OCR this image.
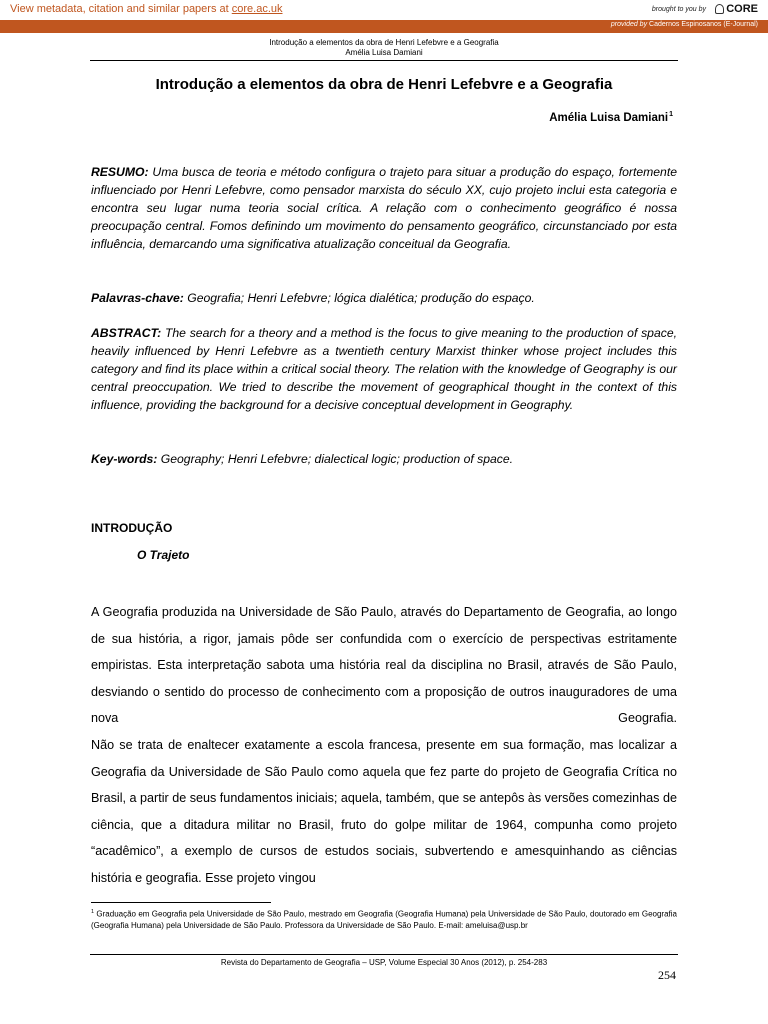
View metadata, citation and similar papers at core.ac.uk	brought to you by CORE
provided by Cadernos Espinosanos (E-Journal)
Introdução a elementos da obra de Henri Lefebvre e a Geografia
Amélia Luisa Damiani
Introdução a elementos da obra de Henri Lefebvre e a Geografia
Amélia Luisa Damiani$^1$
RESUMO: Uma busca de teoria e método configura o trajeto para situar a produção do espaço, fortemente influenciado por Henri Lefebvre, como pensador marxista do século XX, cujo projeto inclui esta categoria e encontra seu lugar numa teoria social crítica. A relação com o conhecimento geográfico é nossa preocupação central. Fomos definindo um movimento do pensamento geográfico, circunstanciado por esta influência, demarcando uma significativa atualização conceitual da Geografia.
Palavras-chave: Geografia; Henri Lefebvre; lógica dialética; produção do espaço.
ABSTRACT: The search for a theory and a method is the focus to give meaning to the production of space, heavily influenced by Henri Lefebvre as a twentieth century Marxist thinker whose project includes this category and find its place within a critical social theory. The relation with the knowledge of Geography is our central preoccupation. We tried to describe the movement of geographical thought in the context of this influence, providing the background for a decisive conceptual development in Geography.
Key-words: Geography; Henri Lefebvre; dialectical logic; production of space.
INTRODUÇÃO
O Trajeto

A Geografia produzida na Universidade de São Paulo, através do Departamento de Geografia, ao longo de sua história, a rigor, jamais pôde ser confundida com o exercício de perspectivas estritamente empiristas. Esta interpretação sabota uma história real da disciplina no Brasil, através de São Paulo, desviando o sentido do processo de conhecimento com a proposição de outros inauguradores de uma nova Geografia.

Não se trata de enaltecer exatamente a escola francesa, presente em sua formação, mas localizar a Geografia da Universidade de São Paulo como aquela que fez parte do projeto de Geografia Crítica no Brasil, a partir de seus fundamentos iniciais; aquela, também, que se antepôs às versões comezinhas de ciência, que a ditadura militar no Brasil, fruto do golpe militar de 1964, compunha como projeto “acadêmico”, a exemplo de cursos de estudos sociais, subvertendo e amesquinhando as ciências história e geografia. Esse projeto vingou

$^1$ Graduação em Geografia pela Universidade de São Paulo, mestrado em Geografia (Geografia Humana) pela Universidade de São Paulo, doutorado em Geografia (Geografia Humana) pela Universidade de São Paulo. Professora da Universidade de São Paulo. E-mail: ameluisa@usp.br
Revista do Departamento de Geografia – USP, Volume Especial 30 Anos (2012), p. 254-283
254
